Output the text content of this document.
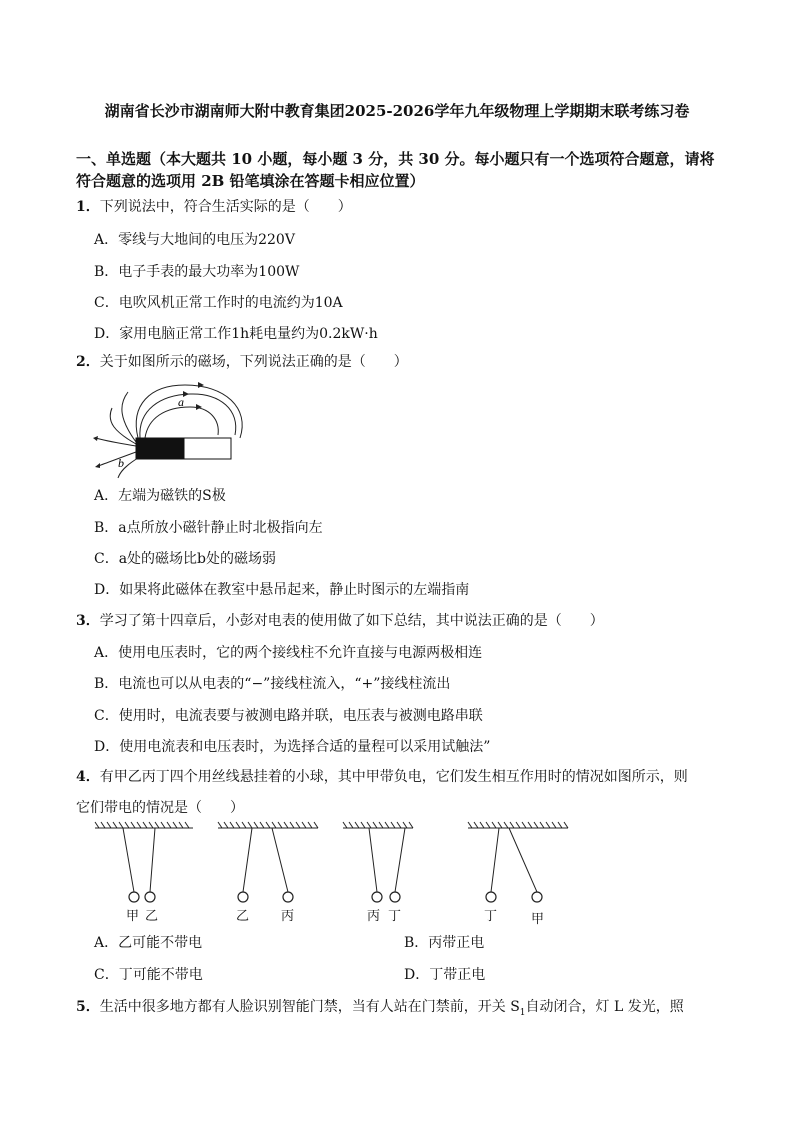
湖南省长沙市湖南师大附中教育集团2025-2026学年九年级物理上学期期末联考练习卷
一、单选题（本大题共 10 小题，每小题 3 分，共 30 分。每小题只有一个选项符合题意，请将符合题意的选项用 2B 铅笔填涂在答题卡相应位置）
1．下列说法中，符合生活实际的是（　　）
A．零线与大地间的电压为220V
B．电子手表的最大功率为100W
C．电吹风机正常工作时的电流约为10A
D．家用电脑正常工作1h耗电量约为0.2kW·h
2．关于如图所示的磁场，下列说法正确的是（　　）
a
b
A．左端为磁铁的S极
B．a点所放小磁针静止时北极指向左
C．a处的磁场比b处的磁场弱
D．如果将此磁体在教室中悬吊起来，静止时图示的左端指南
3．学习了第十四章后，小彭对电表的使用做了如下总结，其中说法正确的是（　　）
A．使用电压表时，它的两个接线柱不允许直接与电源两极相连
B．电流也可以从电表的“−”接线柱流入，“+”接线柱流出
C．使用时，电流表要与被测电路并联，电压表与被测电路串联
D．使用电流表和电压表时，为选择合适的量程可以采用试触法”
4．有甲乙丙丁四个用丝线悬挂着的小球，其中甲带负电，它们发生相互作用时的情况如图所示，则
它们带电的情况是（　　）
甲 乙	乙 丙	丙 丁	丁	甲
A．乙可能不带电	B．丙带正电
C．丁可能不带电	D．丁带正电
5．生活中很多地方都有人脸识别智能门禁，当有人站在门禁前，开关 $S_1$自动闭合，灯 L 发光，照
